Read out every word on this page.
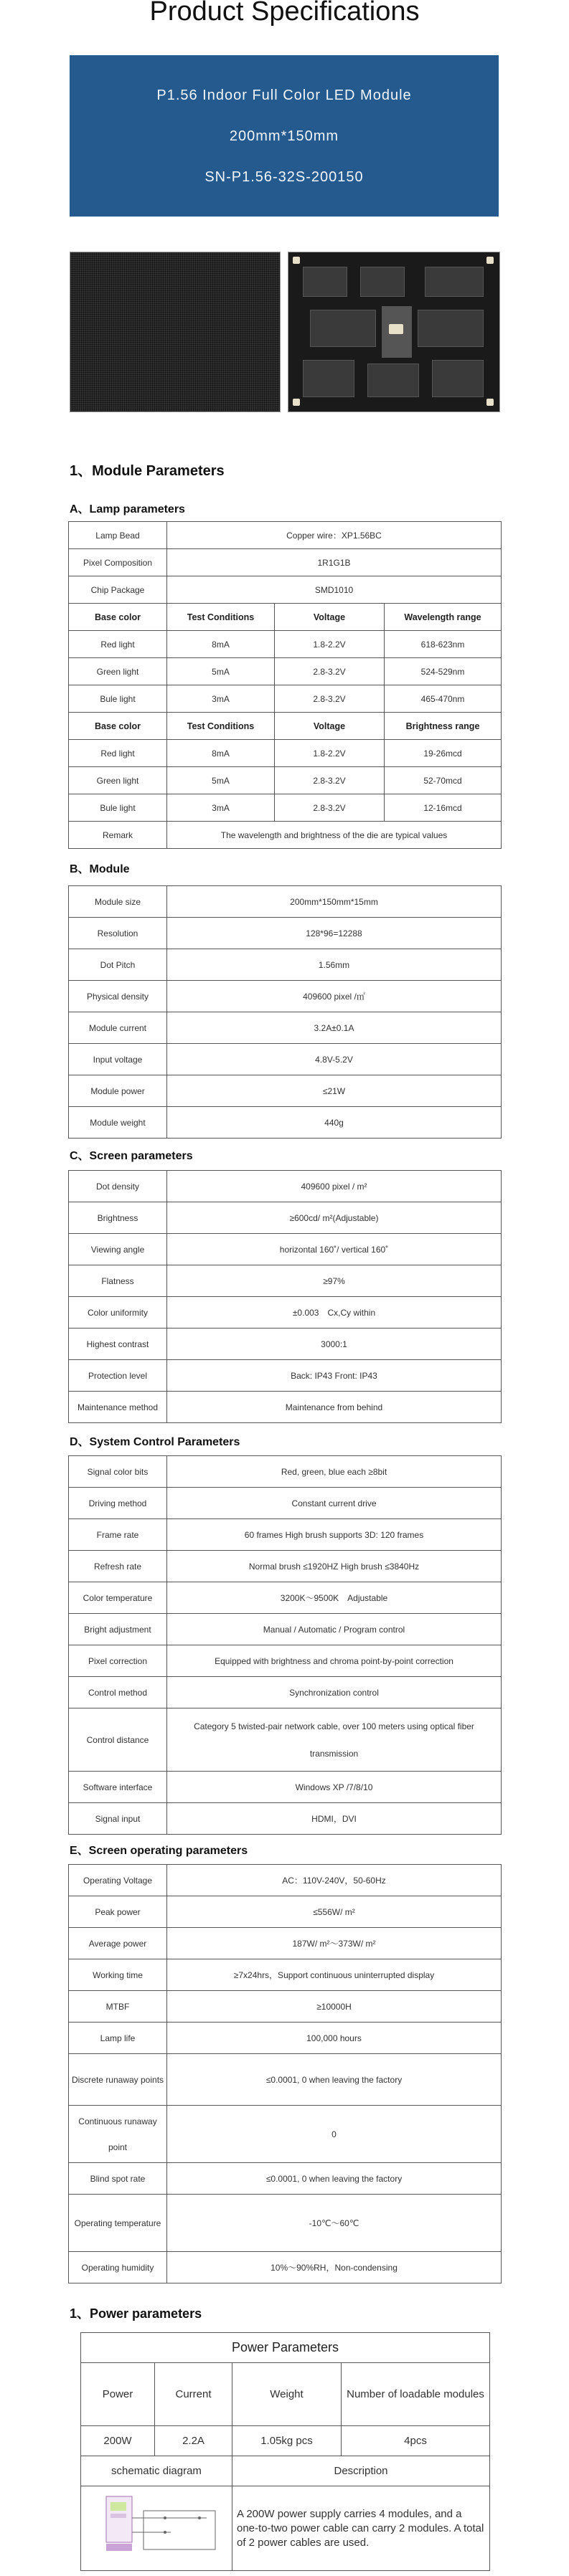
Product Specifications
P1.56 Indoor Full Color LED Module
200mm*150mm
SN-P1.56-32S-200150
1、Module Parameters
A、Lamp parameters
Lamp Bead	Copper wire：XP1.56BC		
Pixel Composition	1R1G1B		
Chip Package	SMD1010		
Base color	Test Conditions	Voltage	Wavelength range
Red light	8mA	1.8-2.2V	618-623nm
Green light	5mA	2.8-3.2V	524-529nm
Bule light	3mA	2.8-3.2V	465-470nm
Base color	Test Conditions	Voltage	Brightness range
Red light	8mA	1.8-2.2V	19-26mcd
Green light	5mA	2.8-3.2V	52-70mcd
Bule light	3mA	2.8-3.2V	12-16mcd
Remark	The wavelength and brightness of the die are typical values		
B、Module
Module size	200mm*150mm*15mm
Resolution	128*96=12288
Dot Pitch	1.56mm
Physical density	409600 pixel /㎡
Module current	3.2A±0.1A
Input voltage	4.8V-5.2V
Module power	≤21W
Module weight	440g
C、Screen parameters
Dot density	409600 pixel / m²
Brightness	≥600cd/ m²(Adjustable)
Viewing angle	horizontal 160˚/ vertical 160˚
Flatness	≥97%
Color uniformity	±0.003　Cx,Cy within
Highest contrast	3000:1
Protection level	Back: IP43 Front: IP43
Maintenance method	Maintenance from behind
D、System Control Parameters
Signal color bits	Red, green, blue each ≥8bit
Driving method	Constant current drive
Frame rate	60 frames High brush supports 3D: 120 frames
Refresh rate	Normal brush ≤1920HZ High brush ≤3840Hz
Color temperature	3200K～9500K　Adjustable
Bright adjustment	Manual / Automatic / Program control
Pixel correction	Equipped with brightness and chroma point-by-point correction
Control method	Synchronization control
Control distance	Category 5 twisted-pair network cable, over 100 meters using optical fiber transmission
Software interface	Windows XP /7/8/10
Signal input	HDMI，DVI
E、Screen operating parameters
Operating Voltage	AC：110V-240V，50-60Hz
Peak power	≤556W/ m²
Average power	187W/ m²～373W/ m²
Working time	≥7x24hrs，Support continuous uninterrupted display
MTBF	≥10000H
Lamp life	100,000 hours
Discrete runaway points	≤0.0001, 0 when leaving the factory
Continuous runaway point	0
Blind spot rate	≤0.0001, 0 when leaving the factory
Operating temperature	-10℃～60℃
Operating humidity	10%～90%RH，Non-condensing
1、Power parameters
Power Parameters			
Power	Current	Weight	Number of loadable modules
200W	2.2A	1.05kg pcs	4pcs
schematic diagram		Description	

	A 200W power supply carries 4 modules, and a one-to-two power cable can carry 2 modules. A total of 2 power cables are used.	
